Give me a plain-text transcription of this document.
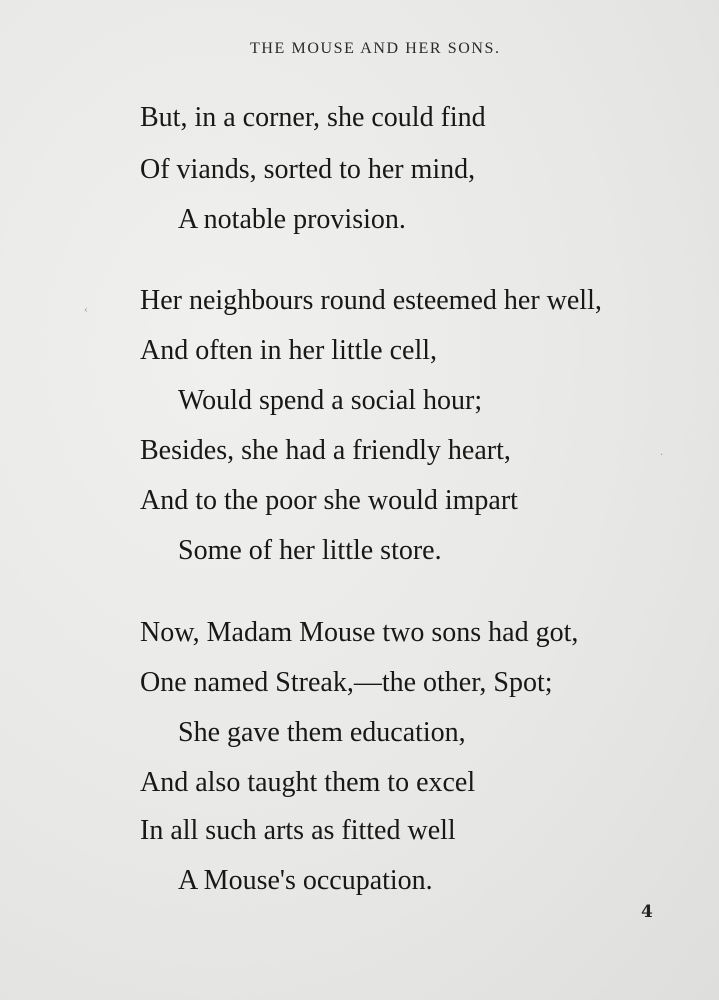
THE MOUSE AND HER SONS.
But, in a corner, she could find
Of viands, sorted to her mind,
A notable provision.
Her neighbours round esteemed her well,
And often in her little cell,
Would spend a social hour;
Besides, she had a friendly heart,
And to the poor she would impart
Some of her little store.
Now, Madam Mouse two sons had got,
One named Streak,—the other, Spot;
She gave them education,
And also taught them to excel
In all such arts as fitted well
A Mouse's occupation.
4
‹
·
